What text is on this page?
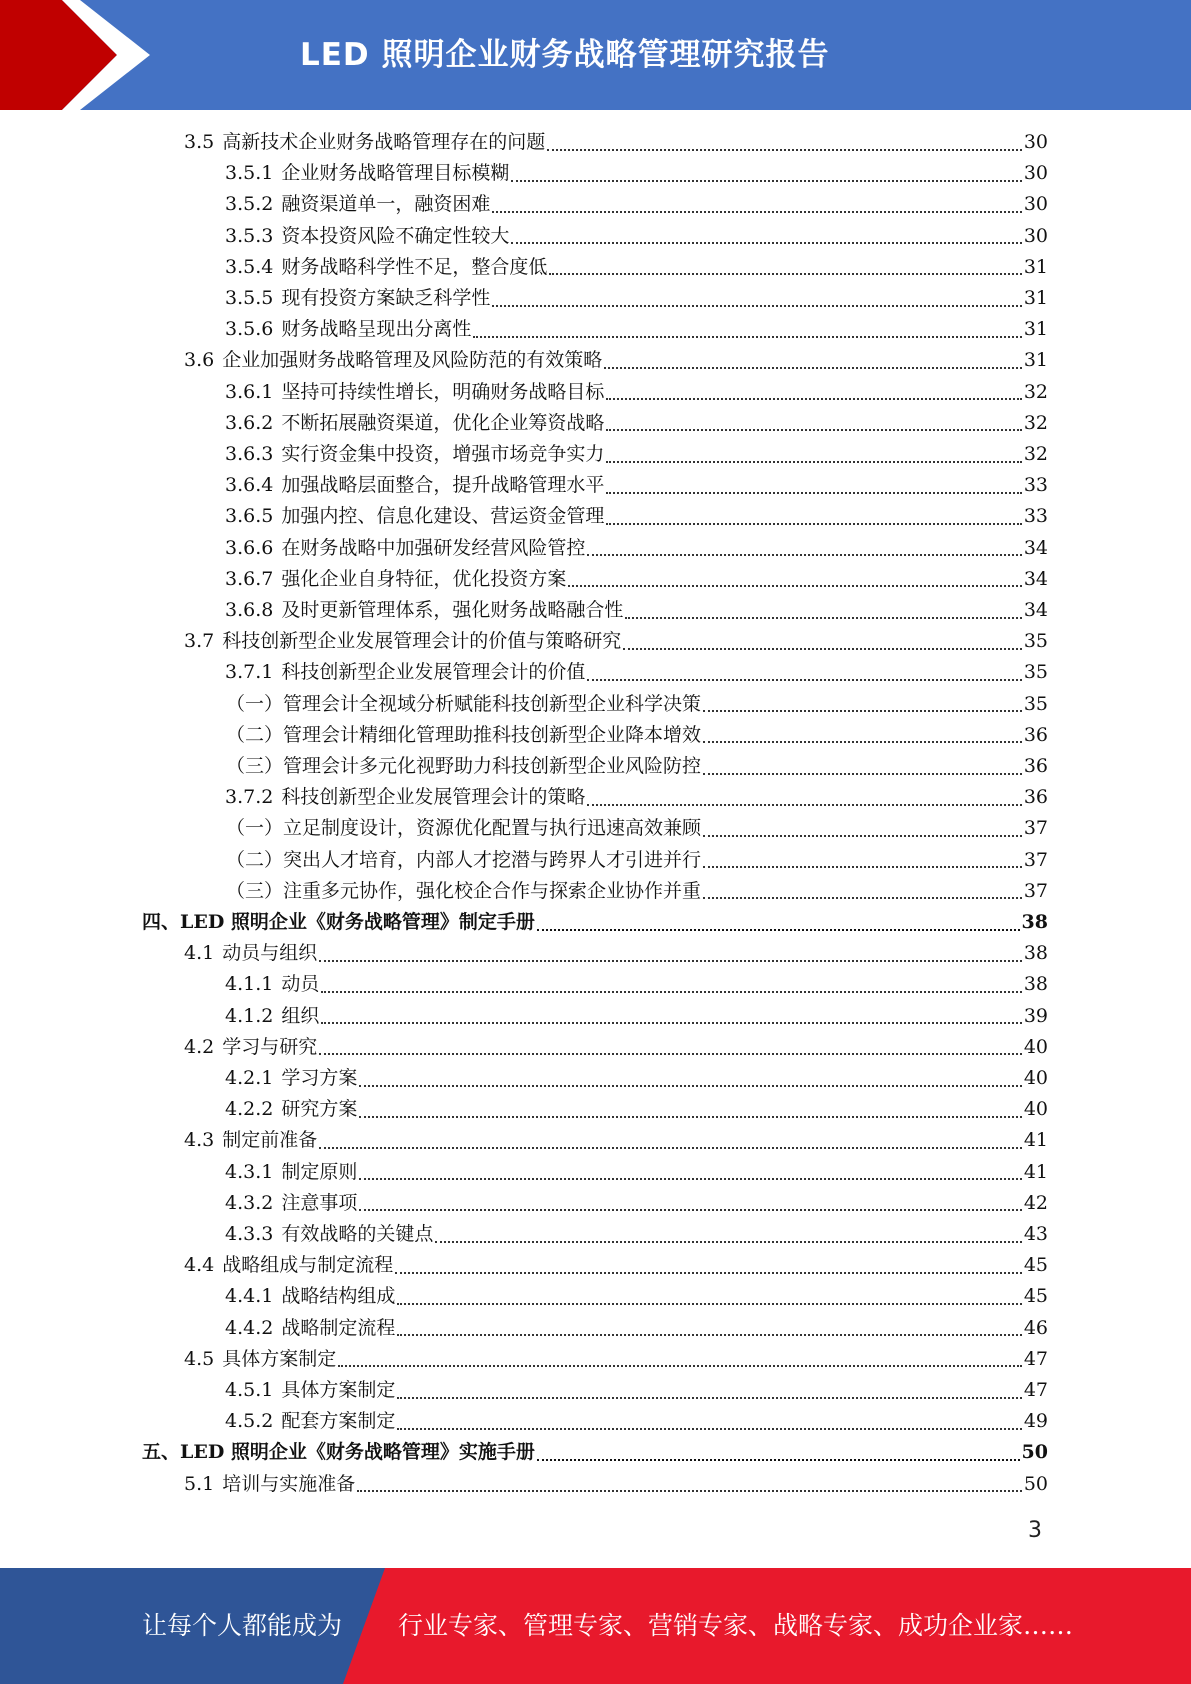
LED 照明企业财务战略管理研究报告
3.5 高新技术企业财务战略管理存在的问题	30
3.5.1 企业财务战略管理目标模糊	30
3.5.2 融资渠道单一，融资困难	30
3.5.3 资本投资风险不确定性较大	30
3.5.4 财务战略科学性不足，整合度低	31
3.5.5 现有投资方案缺乏科学性	31
3.5.6 财务战略呈现出分离性	31
3.6 企业加强财务战略管理及风险防范的有效策略	31
3.6.1 坚持可持续性增长，明确财务战略目标	32
3.6.2 不断拓展融资渠道，优化企业筹资战略	32
3.6.3 实行资金集中投资，增强市场竞争实力	32
3.6.4 加强战略层面整合，提升战略管理水平	33
3.6.5 加强内控、信息化建设、营运资金管理	33
3.6.6 在财务战略中加强研发经营风险管控	34
3.6.7 强化企业自身特征，优化投资方案	34
3.6.8 及时更新管理体系，强化财务战略融合性	34
3.7 科技创新型企业发展管理会计的价值与策略研究	35
3.7.1 科技创新型企业发展管理会计的价值	35
（一）管理会计全视域分析赋能科技创新型企业科学决策	35
（二）管理会计精细化管理助推科技创新型企业降本增效	36
（三）管理会计多元化视野助力科技创新型企业风险防控	36
3.7.2 科技创新型企业发展管理会计的策略	36
（一）立足制度设计，资源优化配置与执行迅速高效兼顾	37
（二）突出人才培育，内部人才挖潜与跨界人才引进并行	37
（三）注重多元协作，强化校企合作与探索企业协作并重	37
四、LED 照明企业《财务战略管理》制定手册	38
4.1 动员与组织	38
4.1.1 动员	38
4.1.2 组织	39
4.2 学习与研究	40
4.2.1 学习方案	40
4.2.2 研究方案	40
4.3 制定前准备	41
4.3.1 制定原则	41
4.3.2 注意事项	42
4.3.3 有效战略的关键点	43
4.4 战略组成与制定流程	45
4.4.1 战略结构组成	45
4.4.2 战略制定流程	46
4.5 具体方案制定	47
4.5.1 具体方案制定	47
4.5.2 配套方案制定	49
五、LED 照明企业《财务战略管理》实施手册	50
5.1 培训与实施准备	50
3
让每个人都能成为 行业专家、管理专家、营销专家、战略专家、成功企业家……
